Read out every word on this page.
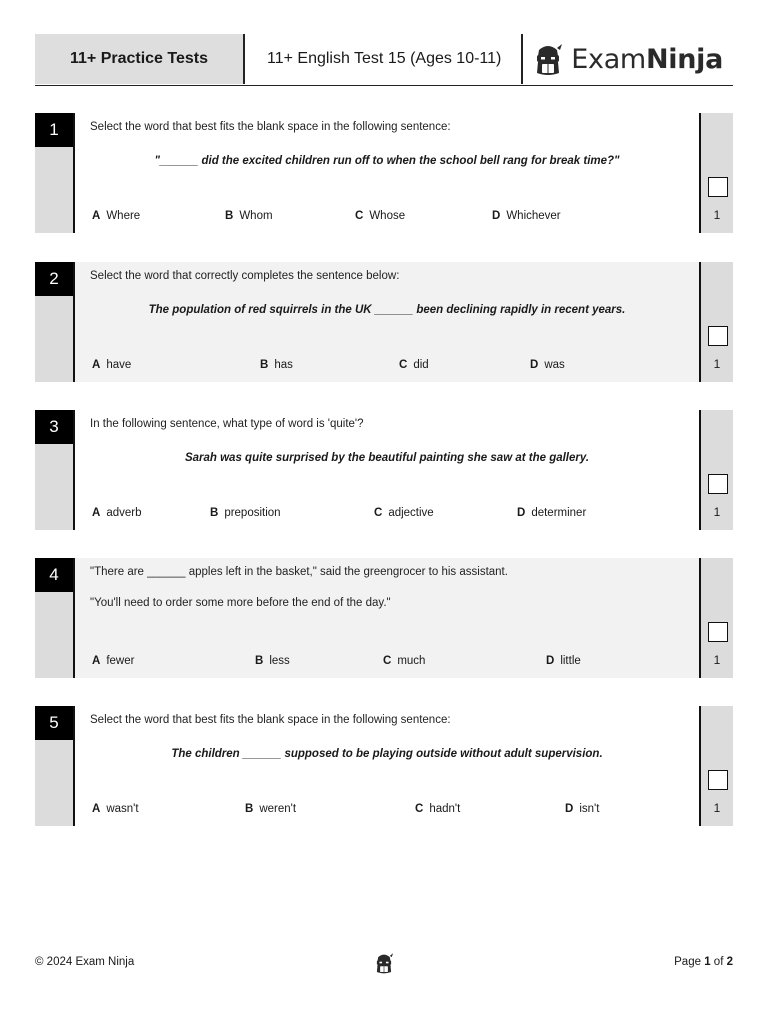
11+ Practice Tests	11+ English Test 15 (Ages 10-11)	ExamNinja
1	Select the word that best fits the blank space in the following sentence:
"______ did the excited children run off to when the school bell rang for break time?"
A Where	B Whom	C Whose	D Whichever	1
2	Select the word that correctly completes the sentence below:
The population of red squirrels in the UK ______ been declining rapidly in recent years.
A have	B has	C did	D was	1
3	In the following sentence, what type of word is 'quite'?
Sarah was quite surprised by the beautiful painting she saw at the gallery.
A adverb	B preposition	C adjective	D determiner	1
4	"There are ______ apples left in the basket," said the greengrocer to his assistant.
"You'll need to order some more before the end of the day."
A fewer	B less	C much	D little	1
5	Select the word that best fits the blank space in the following sentence:
The children ______ supposed to be playing outside without adult supervision.
A wasn't	B weren't	C hadn't	D isn't	1
© 2024 Exam Ninja	Page 1 of 2
